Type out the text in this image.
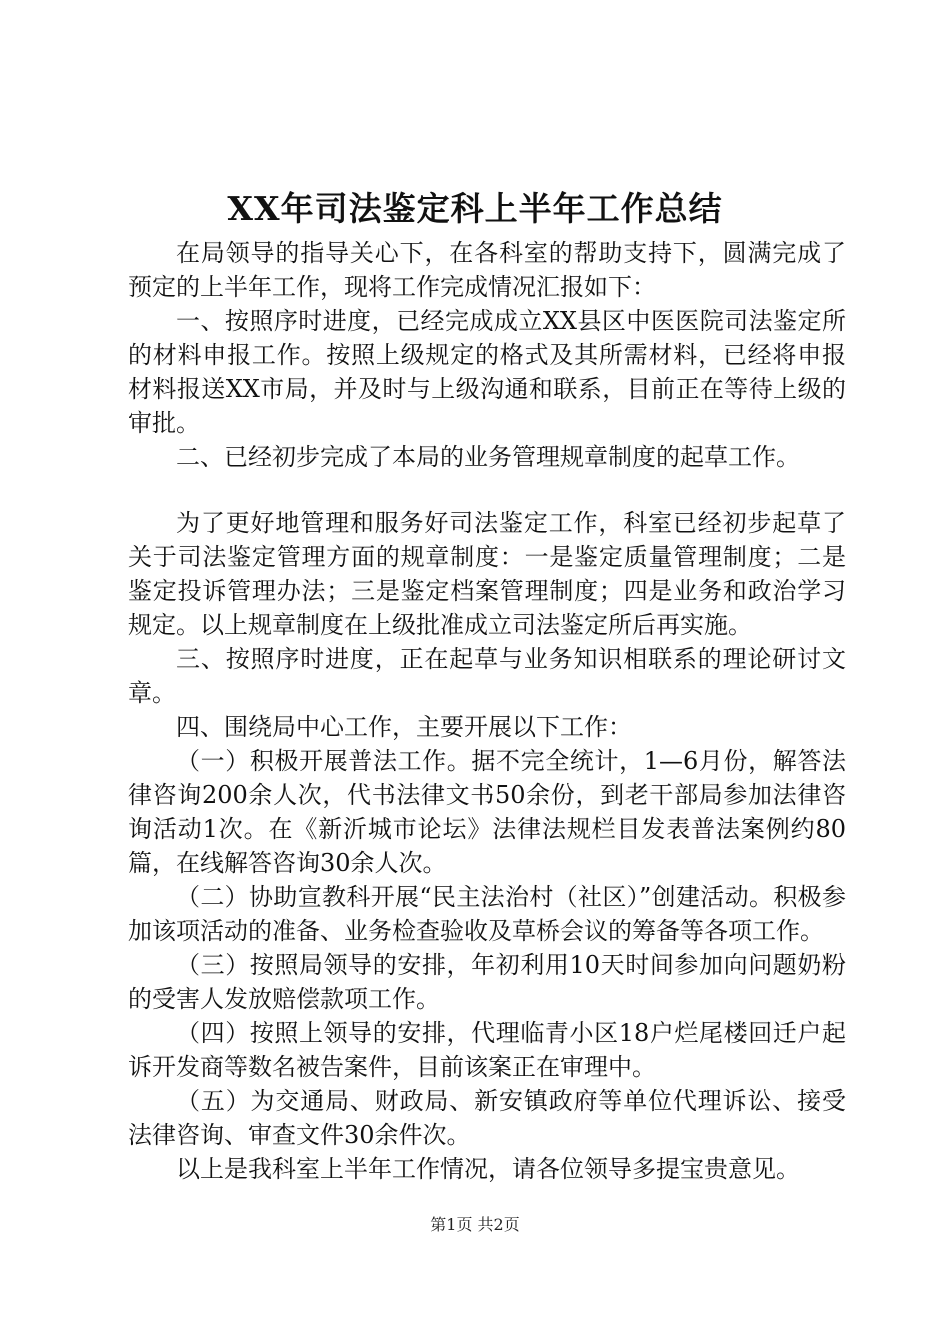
XX年司法鉴定科上半年工作总结

在局领导的指导关心下，在各科室的帮助支持下，圆满完成了预定的上半年工作，现将工作完成情况汇报如下：

一、按照序时进度，已经完成成立XX县区中医医院司法鉴定所的材料申报工作。按照上级规定的格式及其所需材料，已经将申报材料报送XX市局，并及时与上级沟通和联系，目前正在等待上级的审批。

二、已经初步完成了本局的业务管理规章制度的起草工作。

为了更好地管理和服务好司法鉴定工作，科室已经初步起草了关于司法鉴定管理方面的规章制度：一是鉴定质量管理制度；二是鉴定投诉管理办法；三是鉴定档案管理制度；四是业务和政治学习规定。以上规章制度在上级批准成立司法鉴定所后再实施。

三、按照序时进度，正在起草与业务知识相联系的理论研讨文章。

四、围绕局中心工作，主要开展以下工作：

（一）积极开展普法工作。据不完全统计，1—6月份，解答法律咨询200余人次，代书法律文书50余份，到老干部局参加法律咨询活动1次。在《新沂城市论坛》法律法规栏目发表普法案例约80篇，在线解答咨询30余人次。

（二）协助宣教科开展“民主法治村（社区）”创建活动。积极参加该项活动的准备、业务检查验收及草桥会议的筹备等各项工作。

（三）按照局领导的安排，年初利用10天时间参加向问题奶粉的受害人发放赔偿款项工作。

（四）按照上领导的安排，代理临青小区18户烂尾楼回迁户起诉开发商等数名被告案件，目前该案正在审理中。

（五）为交通局、财政局、新安镇政府等单位代理诉讼、接受法律咨询、审查文件30余件次。

以上是我科室上半年工作情况，请各位领导多提宝贵意见。

第1页 共2页
